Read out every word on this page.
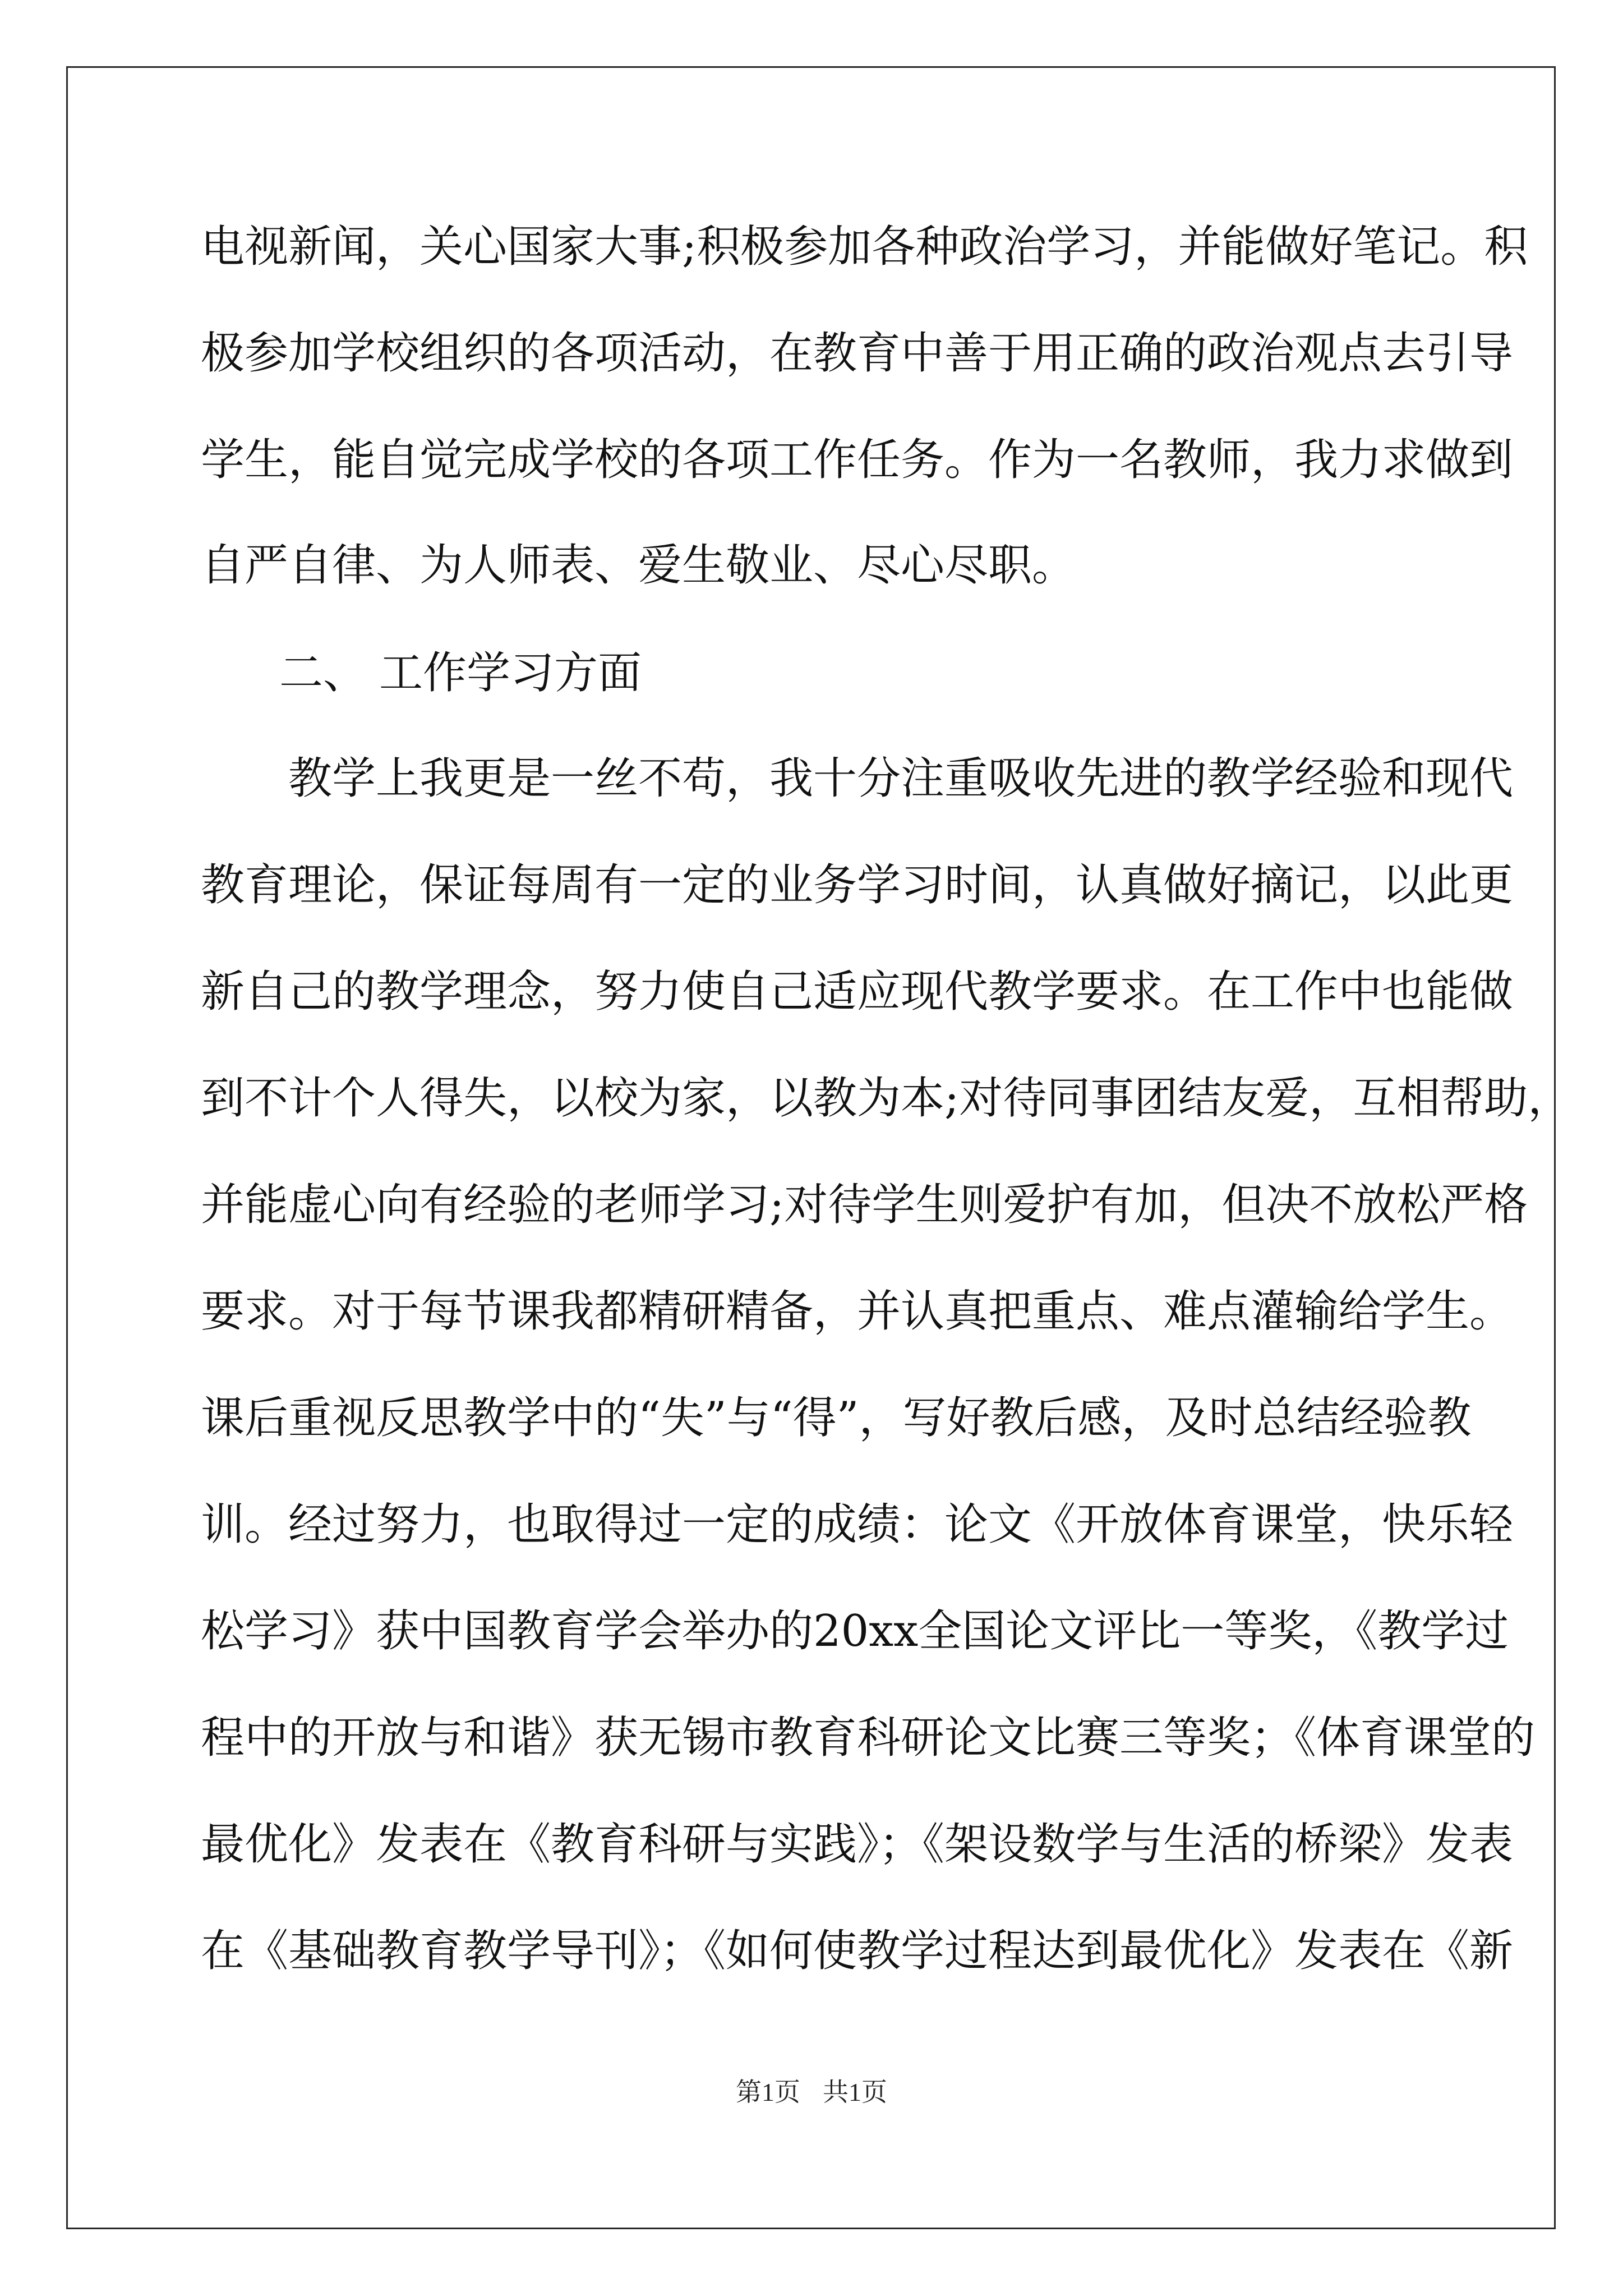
电视新闻，关心国家大事;积极参加各种政治学习，并能做好笔记。积

极参加学校组织的各项活动，在教育中善于用正确的政治观点去引导

学生，能自觉完成学校的各项工作任务。作为一名教师，我力求做到

自严自律、为人师表、爱生敬业、尽心尽职。

二、 工作学习方面

　　教学上我更是一丝不苟，我十分注重吸收先进的教学经验和现代

教育理论，保证每周有一定的业务学习时间，认真做好摘记，以此更

新自己的教学理念，努力使自己适应现代教学要求。在工作中也能做

到不计个人得失，以校为家，以教为本;对待同事团结友爱，互相帮助，

并能虚心向有经验的老师学习;对待学生则爱护有加，但决不放松严格

要求。对于每节课我都精研精备，并认真把重点、难点灌输给学生。

课后重视反思教学中的“失”与“得”，写好教后感，及时总结经验教

训。经过努力，也取得过一定的成绩：论文《开放体育课堂，快乐轻

松学习》获中国教育学会举办的20xx全国论文评比一等奖，《教学过

程中的开放与和谐》获无锡市教育科研论文比赛三等奖；《体育课堂的

最优化》发表在《教育科研与实践》；《架设数学与生活的桥梁》发表

在《基础教育教学导刊》；《如何使教学过程达到最优化》发表在《新

第1页 共1页
